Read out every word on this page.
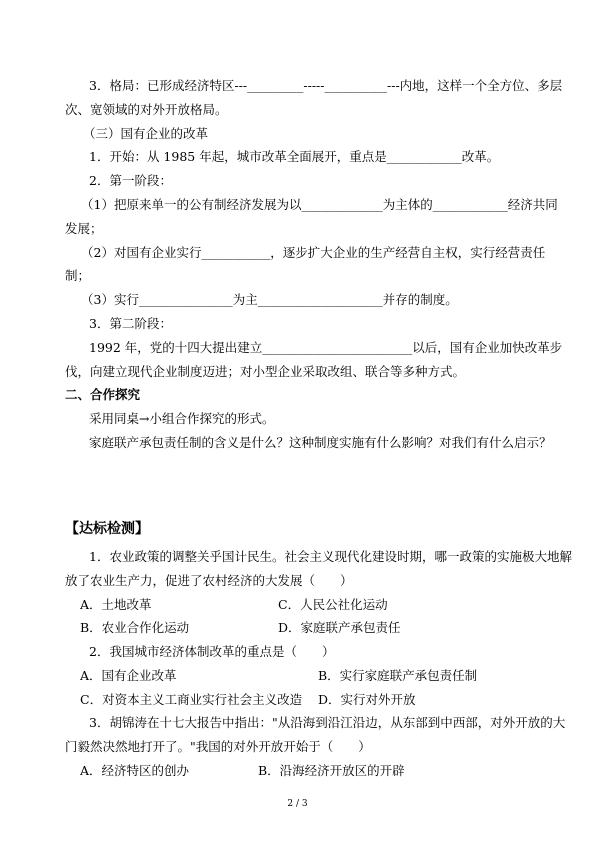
3．格局：已形成经济特区---_________-----__________---内地，这样一个全方位、多层
次、宽领域的对外开放格局。
（三）国有企业的改革
1．开始：从 1985 年起，城市改革全面展开，重点是____________改革。
2．第一阶段：
（1）把原来单一的公有制经济发展为以_____________为主体的____________经济共同
发展；
（2）对国有企业实行___________，逐步扩大企业的生产经营自主权，实行经营责任
制；
（3）实行_______________为主____________________并存的制度。
3．第二阶段：
1992 年，党的十四大提出建立________________________以后，国有企业加快改革步
伐，向建立现代企业制度迈进；对小型企业采取改组、联合等多种方式。
二、合作探究
采用同桌→小组合作探究的形式。
家庭联产承包责任制的含义是什么？这种制度实施有什么影响？对我们有什么启示？
【达标检测】
1．农业政策的调整关乎国计民生。社会主义现代化建设时期，哪一政策的实施极大地解
放了农业生产力，促进了农村经济的大发展（　　）
A．土地改革	C．人民公社化运动
B．农业合作化运动	D．家庭联产承包责任
2．我国城市经济体制改革的重点是（　　）
A．国有企业改革	B．实行家庭联产承包责任制
C．对资本主义工商业实行社会主义改造 D．实行对外开放
3．胡锦涛在十七大报告中指出："从沿海到沿江沿边，从东部到中西部，对外开放的大
门毅然决然地打开了。"我国的对外开放开始于（　　）
A．经济特区的创办	B．沿海经济开放区的开辟
2 / 3
